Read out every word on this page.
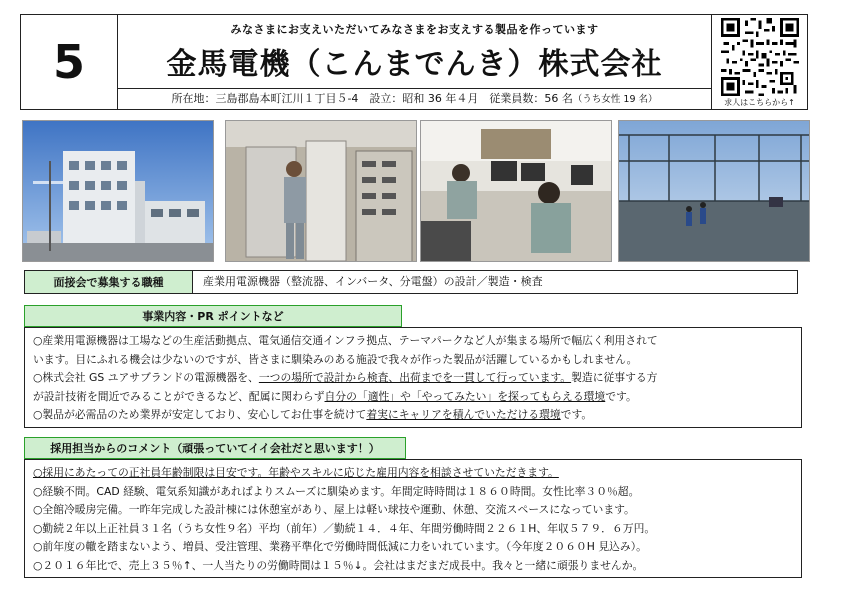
5
みなさまにお支えいただいてみなさまをお支えする製品を作っています
金馬電機（こんまでんき）株式会社
所在地：三島郡島本町江川１丁目５-4　設立：昭和 36 年４月　従業員数：56 名（うち女性 19 名）	求人はこちらから↑
面接会で募集する職種	産業用電源機器（整流器、インバータ、分電盤）の設計／製造・検査
事業内容・PR ポイントなど

○産業用電源機器は工場などの生産活動拠点、電気通信交通インフラ拠点、テーマパークなど人が集まる場所で幅広く利用されて

います。目にふれる機会は少ないのですが、皆さまに馴染みのある施設で我々が作った製品が活躍しているかもしれません。

○株式会社 GS ユアサブランドの電源機器を、一つの場所で設計から検査、出荷までを一貫して行っています。製造に従事する方

が設計技術を間近でみることができるなど、配属に関わらず自分の「適性」や「やってみたい」を探ってもらえる環境です。

○製品が必需品のため業界が安定しており、安心してお仕事を続けて着実にキャリアを積んでいただける環境です。

採用担当からのコメント（頑張っていてイイ会社だと思います！）

○採用にあたっての正社員年齢制限は目安です。年齢やスキルに応じた雇用内容を相談させていただきます。

○経験不問。CAD 経験、電気系知識があればよりスムーズに馴染めます。年間定時時間は１８６０時間。女性比率３０％超。

○全館冷暖房完備。一昨年完成した設計棟には休憩室があり、屋上は軽い球技や運動、休憩、交流スペースになっています。

○勤続２年以上正社員３１名（うち女性９名）平均（前年）／勤続１４．４年、年間労働時間２２６１H、年収５７９．６万円。

○前年度の轍を踏まないよう、増員、受注管理、業務平準化で労働時間低減に力をいれています。（今年度２０６０H 見込み）。

○２０１６年比で、売上３５％↑、一人当たりの労働時間は１５％↓。会社はまだまだ成長中。我々と一緒に頑張りませんか。
